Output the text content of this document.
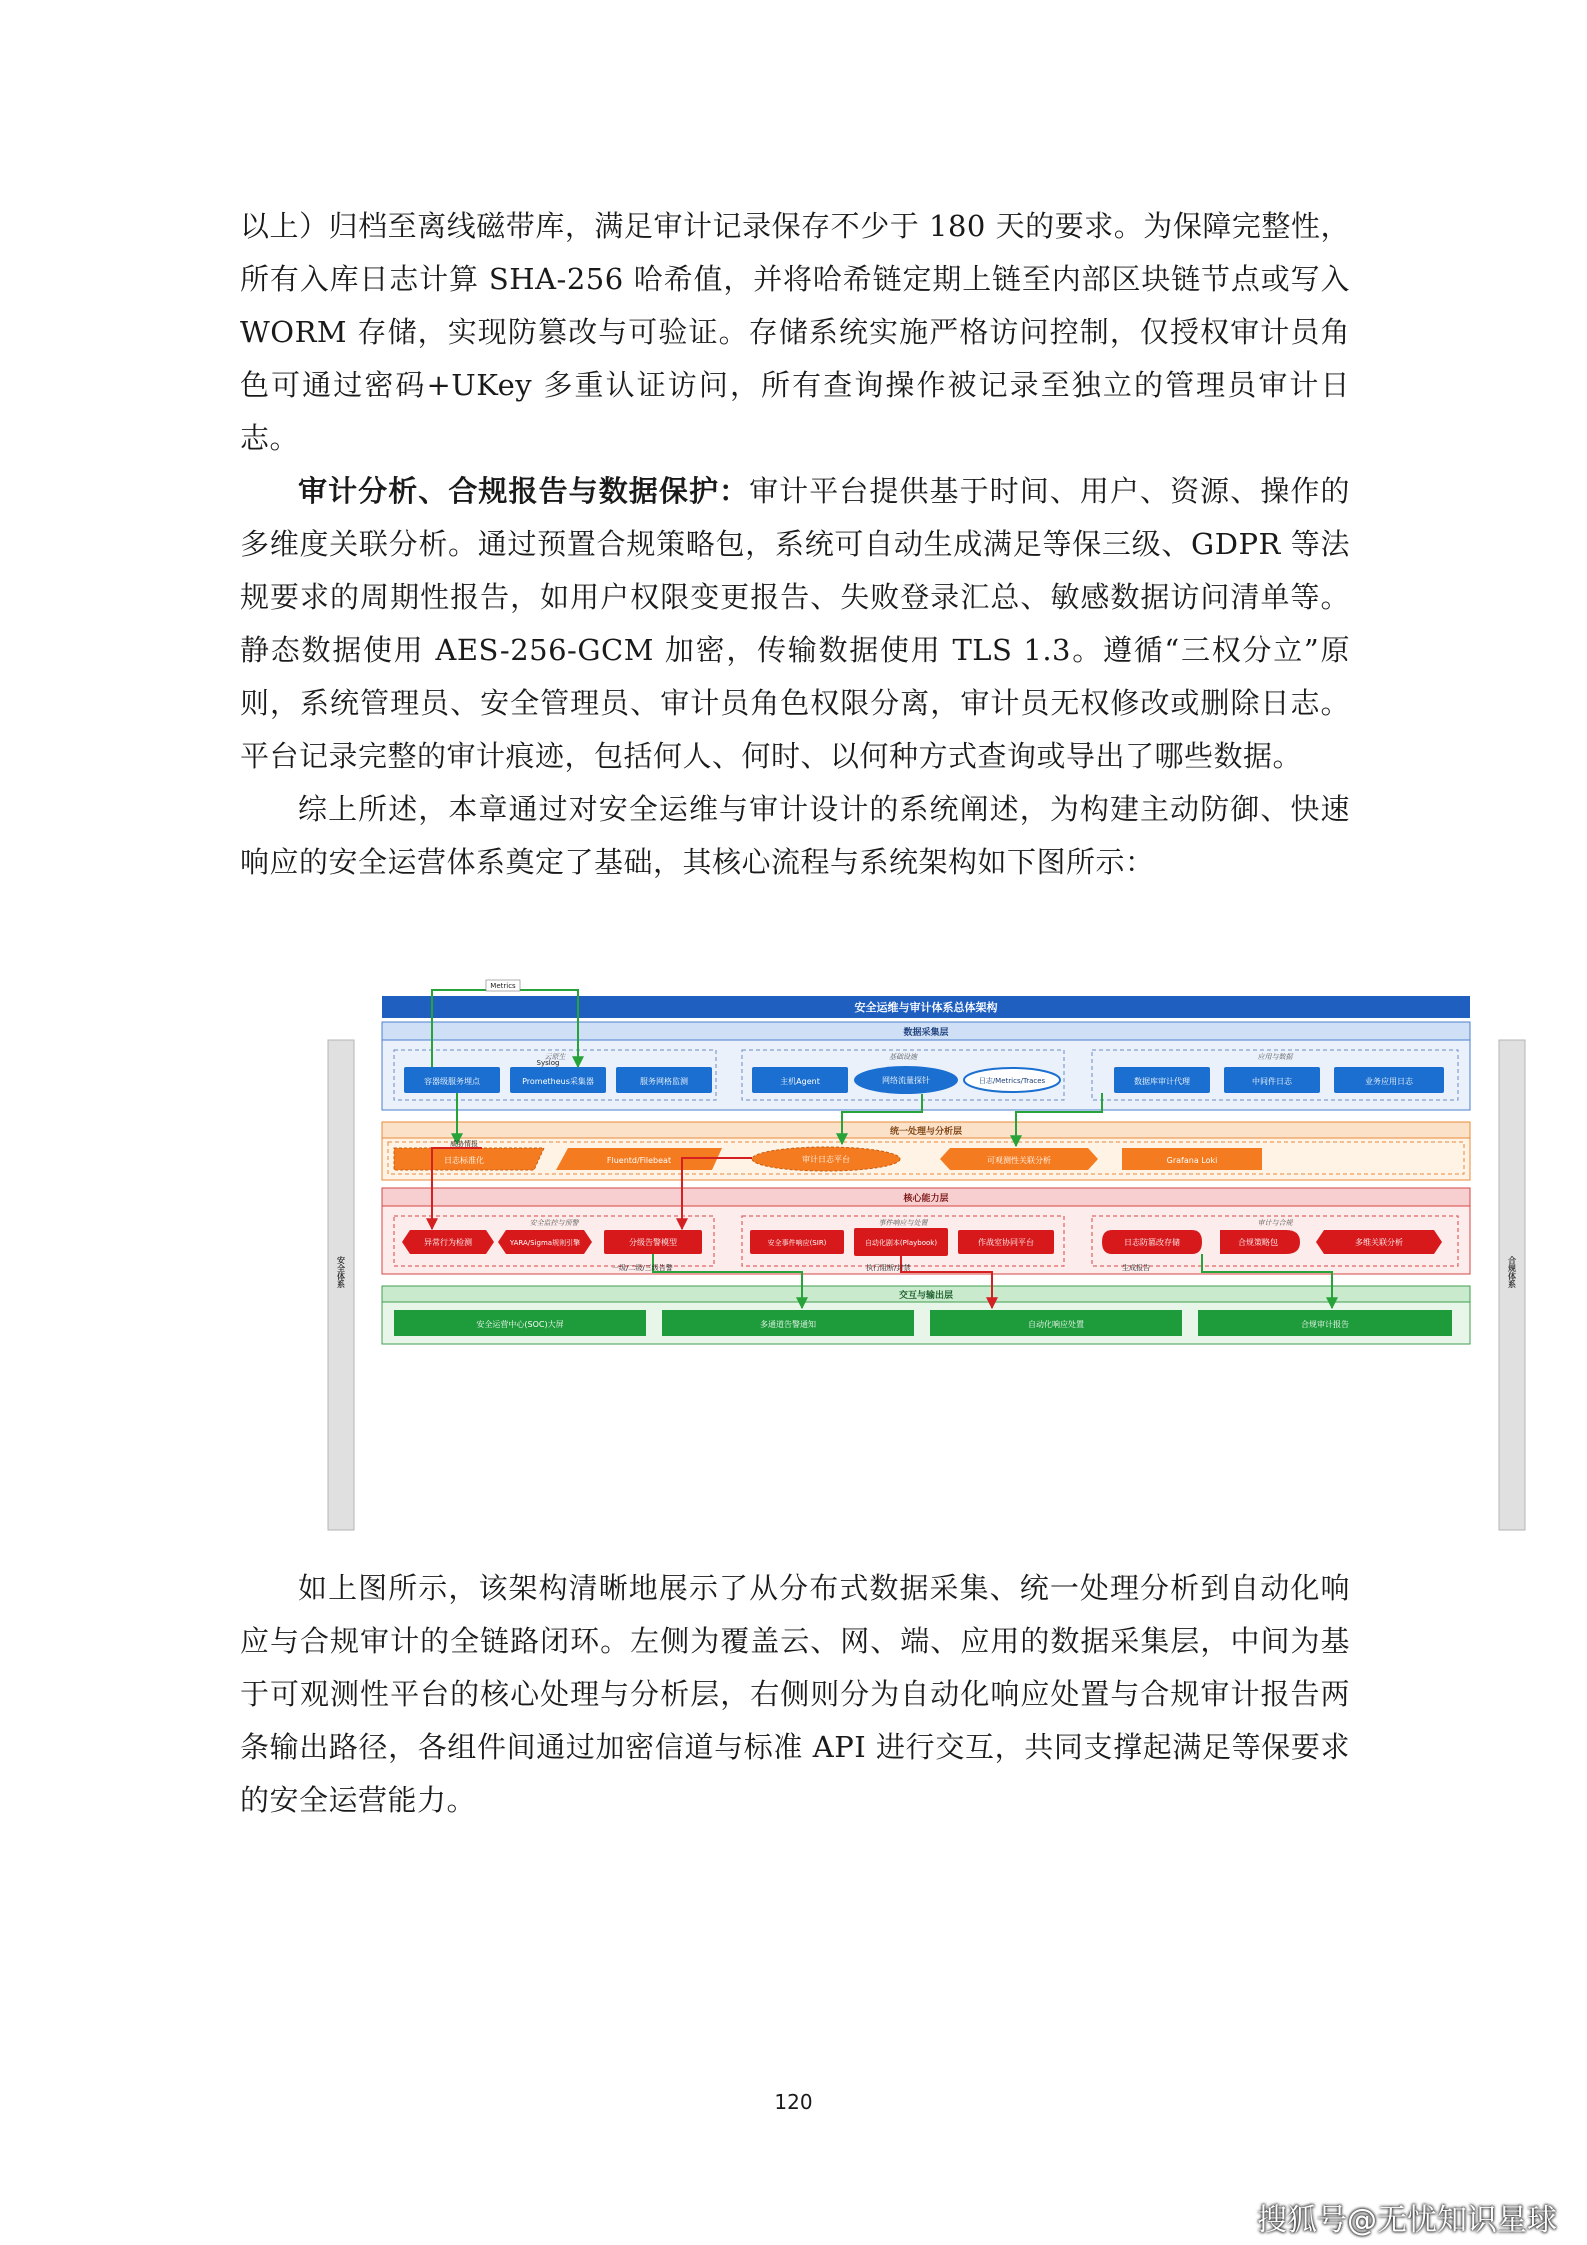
以上）归档至离线磁带库，满足审计记录保存不少于 180 天的要求。为保障完整性，所有入库日志计算 SHA-256 哈希值，并将哈希链定期上链至内部区块链节点或写入 WORM 存储，实现防篡改与可验证。存储系统实施严格访问控制，仅授权审计员角色可通过密码+UKey 多重认证访问，所有查询操作被记录至独立的管理员审计日志。

审计分析、合规报告与数据保护：审计平台提供基于时间、用户、资源、操作的多维度关联分析。通过预置合规策略包，系统可自动生成满足等保三级、GDPR 等法规要求的周期性报告，如用户权限变更报告、失败登录汇总、敏感数据访问清单等。静态数据使用 AES-256-GCM 加密，传输数据使用 TLS 1.3。遵循“三权分立”原则，系统管理员、安全管理员、审计员角色权限分离，审计员无权修改或删除日志。平台记录完整的审计痕迹，包括何人、何时、以何种方式查询或导出了哪些数据。

综上所述，本章通过对安全运维与审计设计的系统阐述，为构建主动防御、快速响应的安全运营体系奠定了基础，其核心流程与系统架构如下图所示：

安全体系	合规体系
安全运维与审计体系总体架构
数据采集层
云原生	基础设施	应用与数据
容器级服务埋点	Prometheus采集器	服务网格监测	主机Agent	网络流量探针	日志/Metrics/Traces	数据库审计代理	中间件日志	业务应用日志
统一处理与分析层
日志标准化	Fluentd/Filebeat	审计日志平台	可观测性关联分析	Grafana Loki
核心能力层
安全监控与预警	事件响应与处置	审计与合规
异常行为检测	YARA/Sigma规则引擎	分级告警模型	安全事件响应(SIR)	自动化剧本(Playbook)	作战室协同平台	日志防篡改存储	合规策略包	多维关联分析
交互与输出层
安全运营中心(SOC)大屏	多通道告警通知	自动化响应处置	合规审计报告
Metrics
Syslog
一级/二级/三级告警	生成报告
威胁情报
执行阻断/封禁

如上图所示，该架构清晰地展示了从分布式数据采集、统一处理分析到自动化响应与合规审计的全链路闭环。左侧为覆盖云、网、端、应用的数据采集层，中间为基于可观测性平台的核心处理与分析层，右侧则分为自动化响应处置与合规审计报告两条输出路径，各组件间通过加密信道与标准 API 进行交互，共同支撑起满足等保要求的安全运营能力。

120
搜狐号@无忧知识星球
